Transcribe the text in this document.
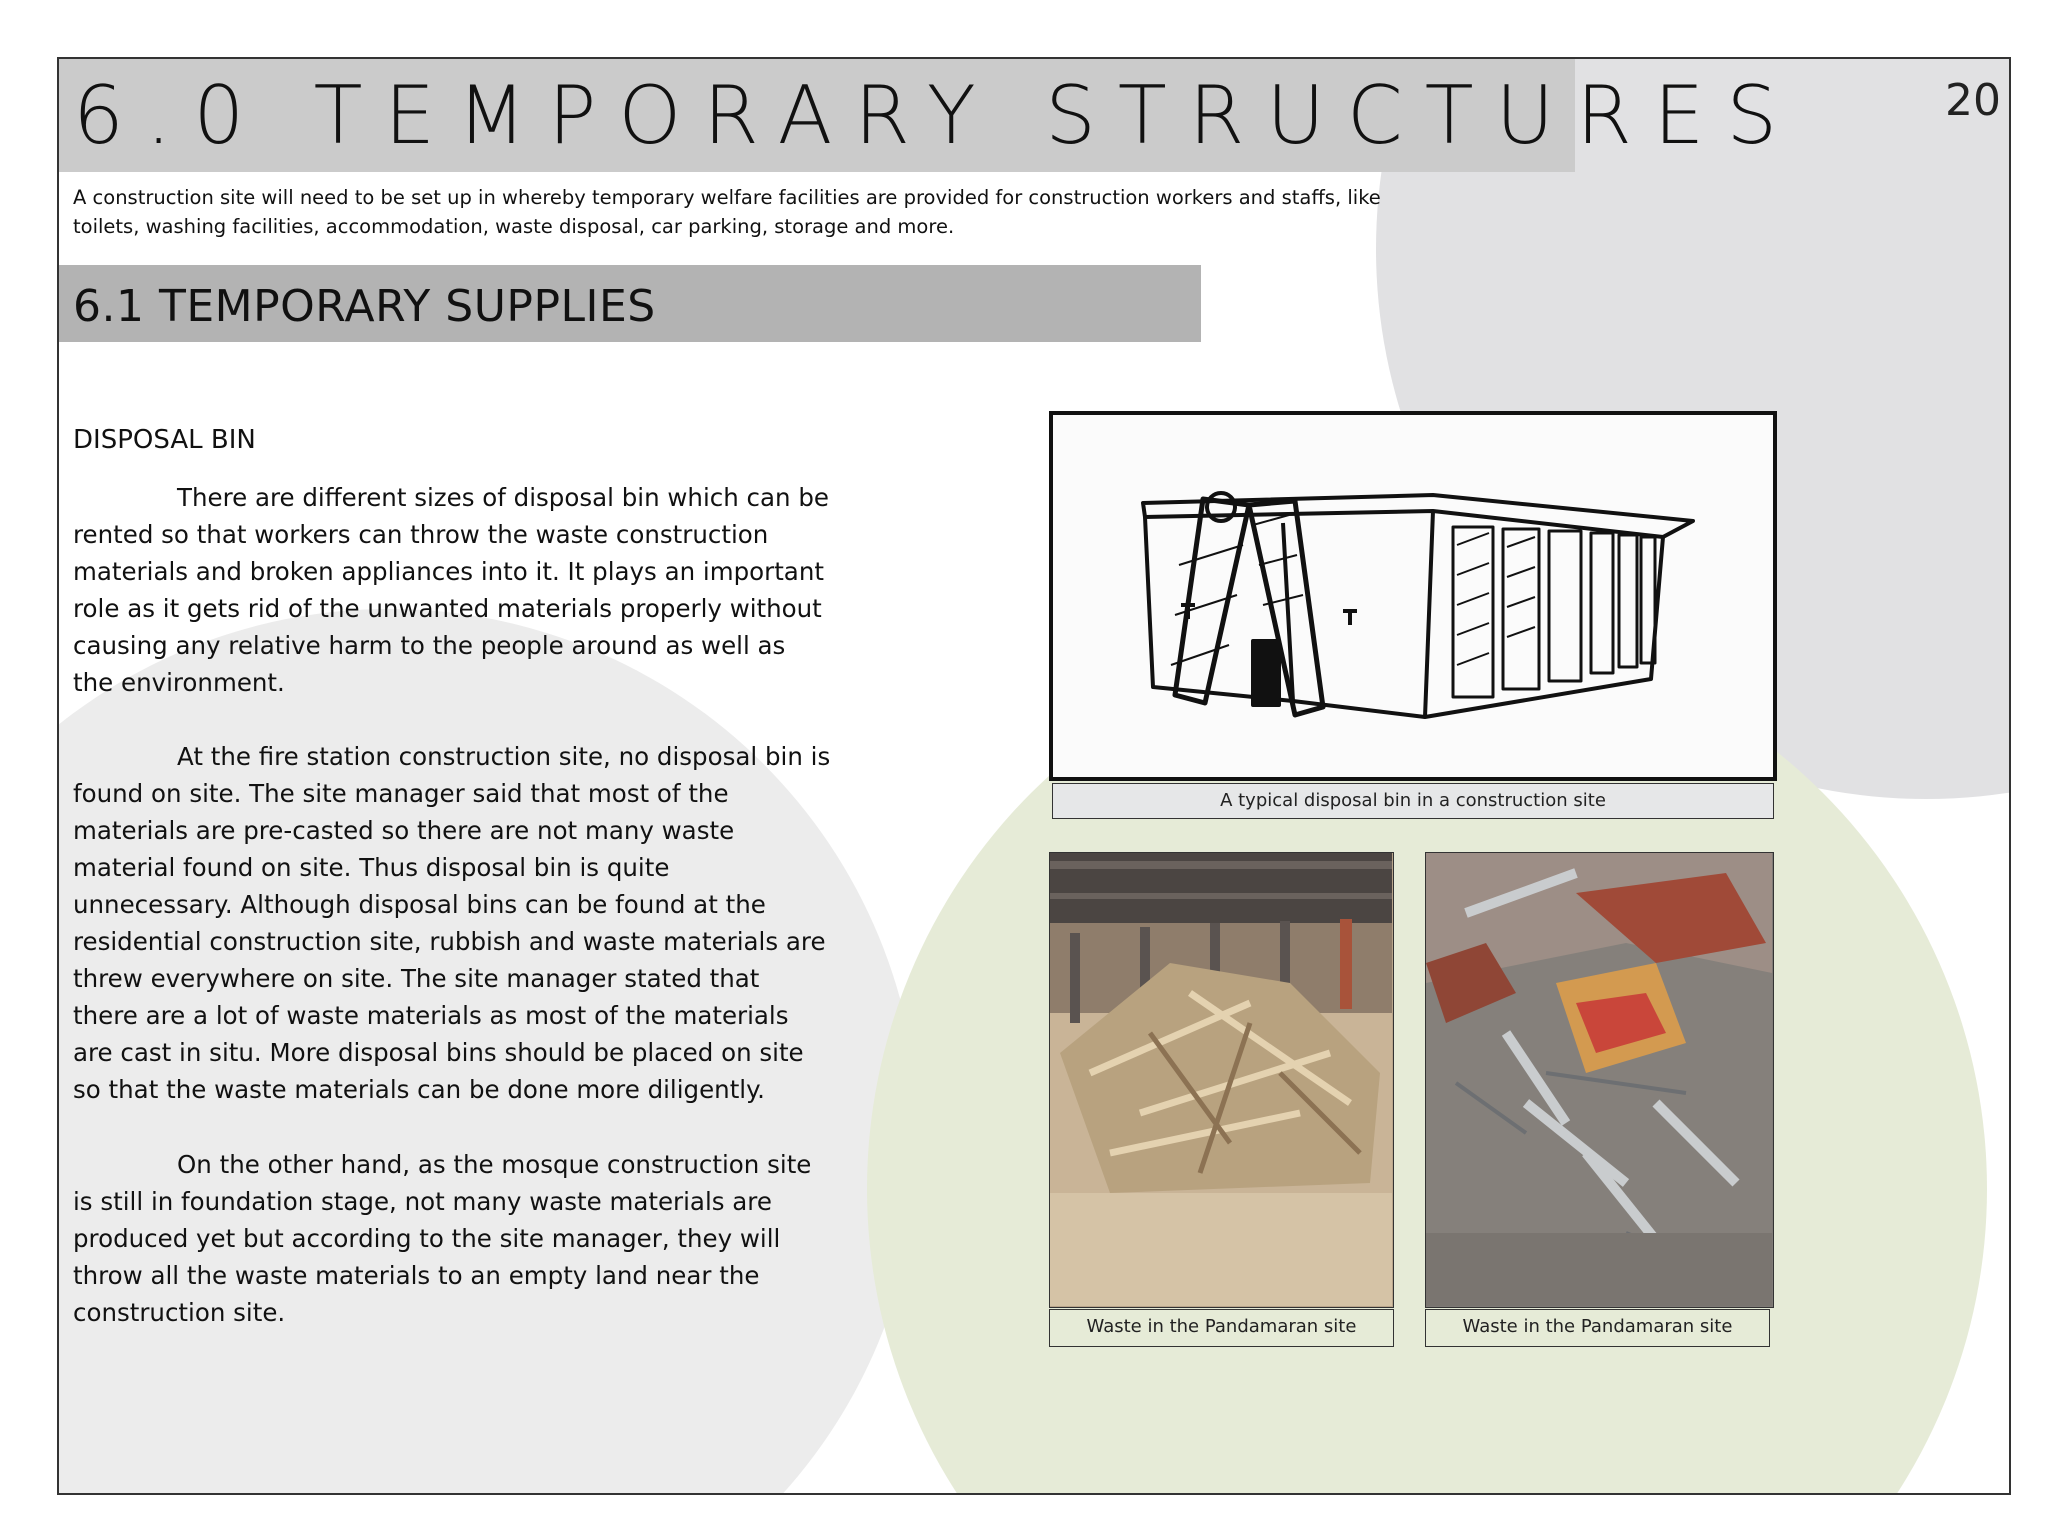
6.0 TEMPORARY STRUCTURES	20
A construction site will need to be set up in whereby temporary welfare facilities are provided for construction workers and staffs, like toilets, washing facilities, accommodation, waste disposal, car parking, storage and more.
6.1 TEMPORARY SUPPLIES
DISPOSAL BIN

There are different sizes of disposal bin which can be rented so that workers can throw the waste construction materials and broken appliances into it. It plays an important role as it gets rid of the unwanted materials properly without causing any relative harm to the people around as well as the environment.

At the fire station construction site, no disposal bin is found on site. The site manager said that most of the materials are pre-casted so there are not many waste material found on site. Thus disposal bin is quite unnecessary. Although disposal bins can be found at the residential construction site, rubbish and waste materials are threw everywhere on site. The site manager stated that there are a lot of waste materials as most of the materials are cast in situ. More disposal bins should be placed on site so that the waste materials can be done more diligently.

On the other hand, as the mosque construction site is still in foundation stage, not many waste materials are produced yet but according to the site manager, they will throw all the waste materials to an empty land near the construction site.

A typical disposal bin in a construction site
Waste in the Pandamaran site	Waste in the Pandamaran site
